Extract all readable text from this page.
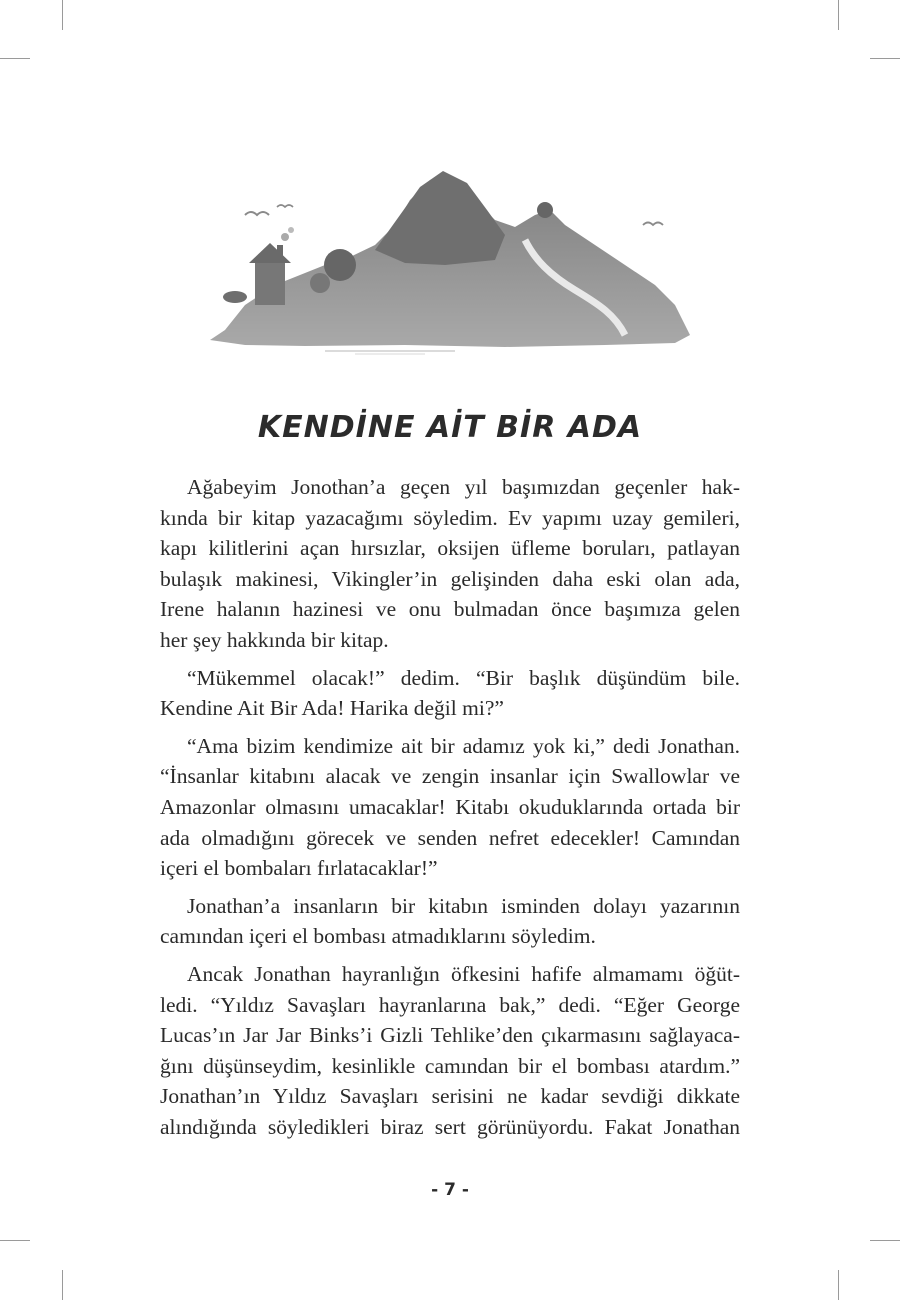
KENDİNE AİT BİR ADA

Ağabeyim Jonothan’a geçen yıl başımızdan geçenler hak-
kında bir kitap yazacağımı söyledim. Ev yapımı uzay gemileri,
kapı kilitlerini açan hırsızlar, oksijen üfleme boruları, patlayan
bulaşık makinesi, Vikingler’in gelişinden daha eski olan ada,
Irene halanın hazinesi ve onu bulmadan önce başımıza gelen
her şey hakkında bir kitap.

“Mükemmel olacak!” dedim. “Bir başlık düşündüm bile.
Kendine Ait Bir Ada! Harika değil mi?”

“Ama bizim kendimize ait bir adamız yok ki,” dedi Jonathan.
“İnsanlar kitabını alacak ve zengin insanlar için Swallowlar ve
Amazonlar olmasını umacaklar! Kitabı okuduklarında ortada bir
ada olmadığını görecek ve senden nefret edecekler! Camından
içeri el bombaları fırlatacaklar!”

Jonathan’a insanların bir kitabın isminden dolayı yazarının
camından içeri el bombası atmadıklarını söyledim.

Ancak Jonathan hayranlığın öfkesini hafife almamamı öğüt-
ledi. “Yıldız Savaşları hayranlarına bak,” dedi. “Eğer George
Lucas’ın Jar Jar Binks’i Gizli Tehlike’den çıkarmasını sağlayaca-
ğını düşünseydim, kesinlikle camından bir el bombası atardım.”
Jonathan’ın Yıldız Savaşları serisini ne kadar sevdiği dikkate
alındığında söyledikleri biraz sert görünüyordu. Fakat Jonathan

- 7 -
